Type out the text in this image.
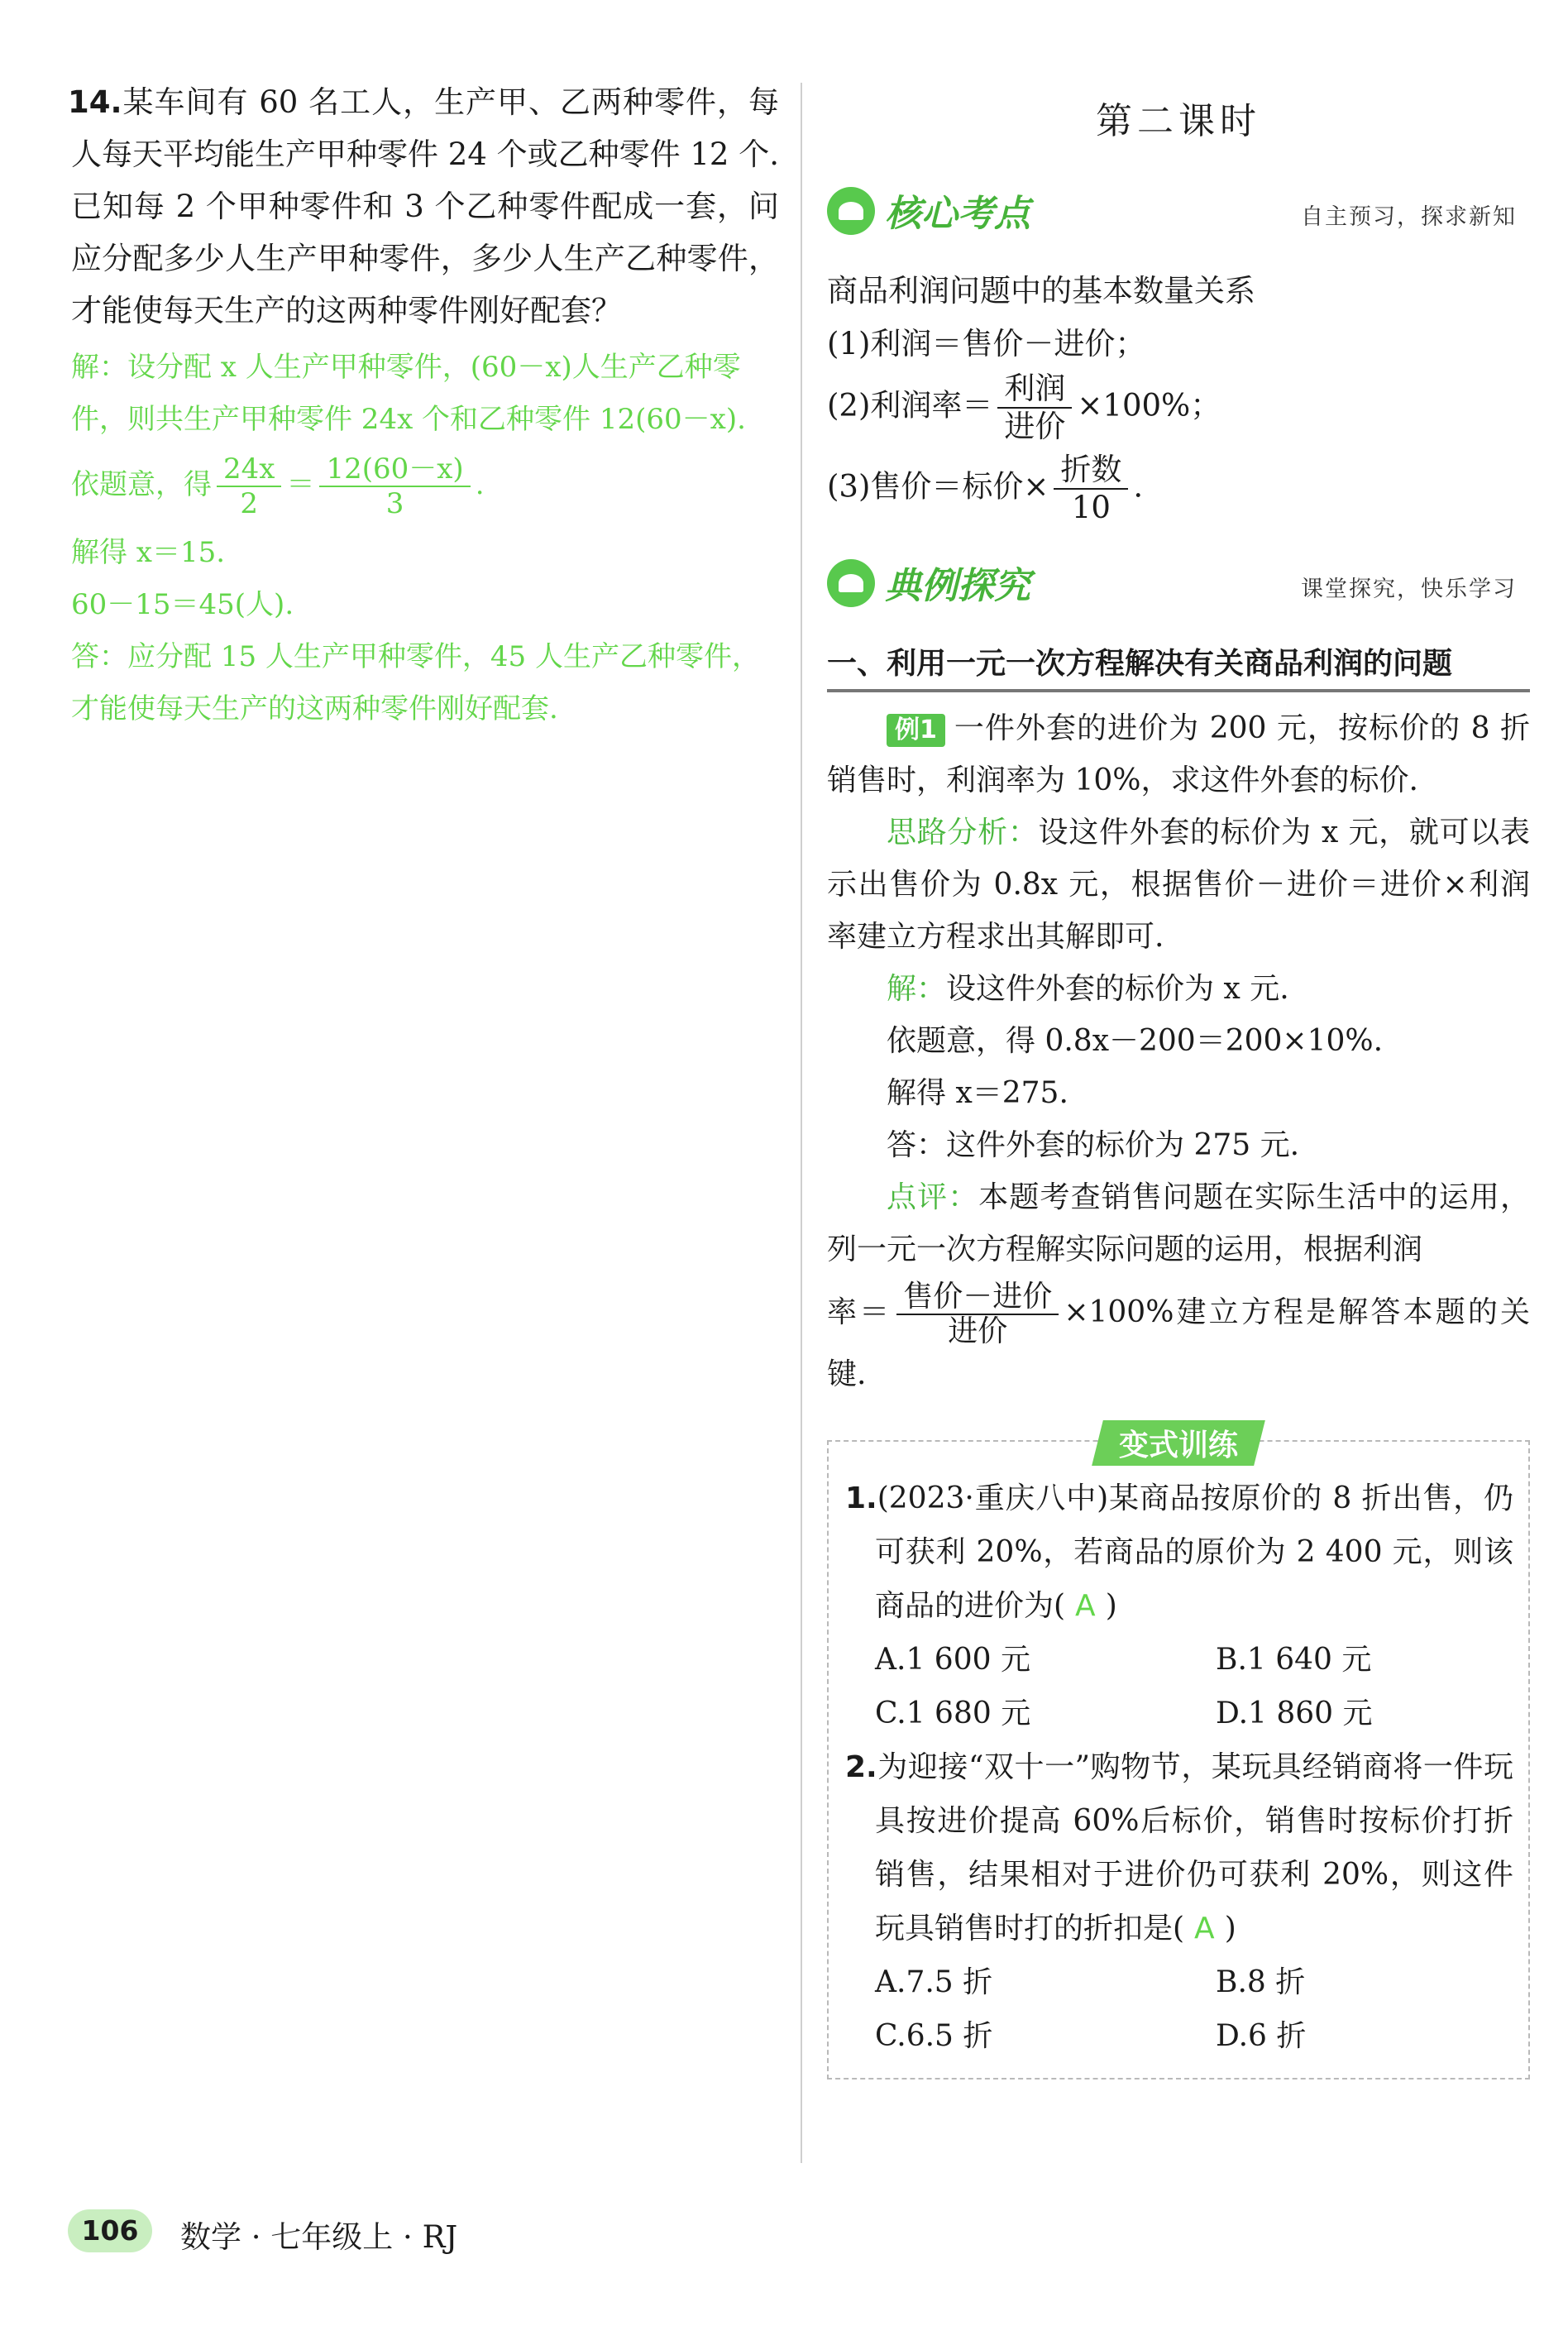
14.某车间有 60 名工人，生产甲、乙两种零件，每人每天平均能生产甲种零件 24 个或乙种零件 12 个.已知每 2 个甲种零件和 3 个乙种零件配成一套，问应分配多少人生产甲种零件，多少人生产乙种零件，才能使每天生产的这两种零件刚好配套？

解：设分配 x 人生产甲种零件，(60－x)人生产乙种零件，则共生产甲种零件 24x 个和乙种零件 12(60－x).

依题意，得 $\frac{24x}{2} = \frac{12(60-x)}{3}$ .

解得 x＝15.

60－15＝45(人).

答：应分配 15 人生产甲种零件，45 人生产乙种零件，才能使每天生产的这两种零件刚好配套.

第二课时
核心考点	自主预习，探求新知

商品利润问题中的基本数量关系

(1)利润＝售价－进价；

(2)利润率＝ $\frac{\text{利润}}{\text{进价}} \times 100\%$；

(3)售价＝标价× $\frac{\text{折数}}{10}$ .

典例探究	课堂探究，快乐学习
一、利用一元一次方程解决有关商品利润的问题

例1 一件外套的进价为 200 元，按标价的 8 折销售时，利润率为 10%，求这件外套的标价.

思路分析：设这件外套的标价为 x 元，就可以表示出售价为 0.8x 元，根据售价－进价＝进价×利润率建立方程求出其解即可.

解：设这件外套的标价为 x 元.

依题意，得 0.8x－200＝200×10%.

解得 x＝275.

答：这件外套的标价为 275 元.

点评：本题考查销售问题在实际生活中的运用，列一元一次方程解实际问题的运用，根据利润

率＝ $\frac{\text{售价－进价}}{\text{进价}} \times 100\%$建立方程是解答本题的关键.

变式训练

1.(2023·重庆八中)某商品按原价的 8 折出售，仍可获利 20%，若商品的原价为 2 400 元，则该商品的进价为( A )

A.1 600 元	B.1 640 元
C.1 680 元	D.1 860 元

2.为迎接“双十一”购物节，某玩具经销商将一件玩具按进价提高 60%后标价，销售时按标价打折销售，结果相对于进价仍可获利 20%，则这件玩具销售时打的折扣是( A )

A.7.5 折	B.8 折
C.6.5 折	D.6 折
106	数学 · 七年级上 · RJ
